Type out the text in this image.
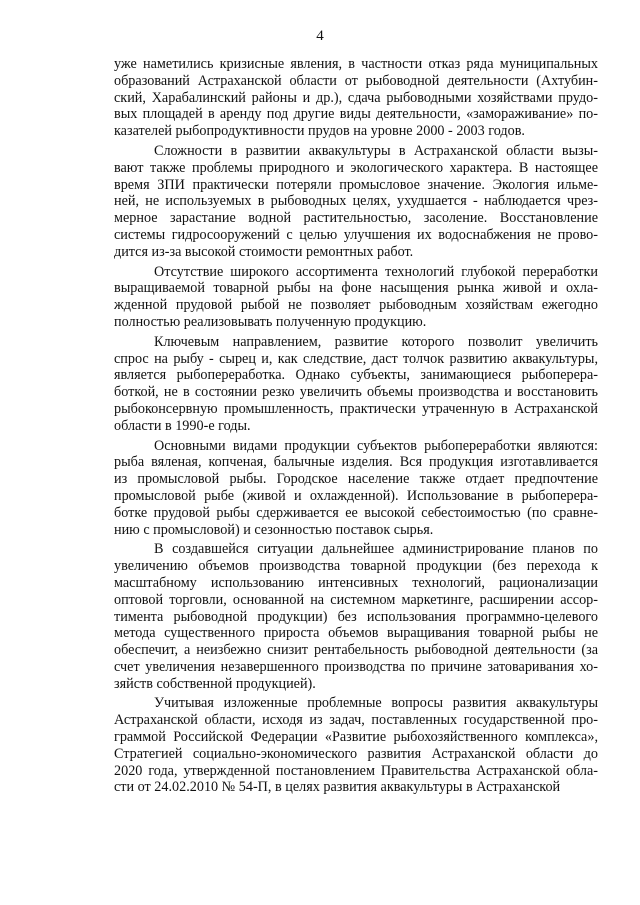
4
уже наметились кризисные явления, в частности отказ ряда муниципальных
образований Астраханской области от рыбоводной деятельности (Ахтубин-
ский, Харабалинский районы и др.), сдача рыбоводными хозяйствами прудо-
вых площадей в аренду под другие виды деятельности, «замораживание» по-
казателей рыбопродуктивности прудов на уровне 2000 - 2003 годов.
Сложности в развитии аквакультуры в Астраханской области вызы-
вают также проблемы природного и экологического характера. В настоящее
время ЗПИ практически потеряли промысловое значение. Экология ильме-
ней, не используемых в рыбоводных целях, ухудшается - наблюдается чрез-
мерное зарастание водной растительностью, засоление. Восстановление
системы гидросооружений с целью улучшения их водоснабжения не прово-
дится из-за высокой стоимости ремонтных работ.
Отсутствие широкого ассортимента технологий глубокой переработки
выращиваемой товарной рыбы на фоне насыщения рынка живой и охла-
жденной прудовой рыбой не позволяет рыбоводным хозяйствам ежегодно
полностью реализовывать полученную продукцию.
Ключевым направлением, развитие которого позволит увеличить
спрос на рыбу - сырец и, как следствие, даст толчок развитию аквакультуры,
является рыбопереработка. Однако субъекты, занимающиеся рыбоперера-
боткой, не в состоянии резко увеличить объемы производства и восстановить
рыбоконсервную промышленность, практически утраченную в Астраханской
области в 1990-е годы.
Основными видами продукции субъектов рыбопереработки являются:
рыба вяленая, копченая, балычные изделия. Вся продукция изготавливается
из промысловой рыбы. Городское население также отдает предпочтение
промысловой рыбе (живой и охлажденной). Использование в рыбоперера-
ботке прудовой рыбы сдерживается ее высокой себестоимостью (по сравне-
нию с промысловой) и сезонностью поставок сырья.
В создавшейся ситуации дальнейшее администрирование планов по
увеличению объемов производства товарной продукции (без перехода к
масштабному использованию интенсивных технологий, рационализации
оптовой торговли, основанной на системном маркетинге, расширении ассор-
тимента рыбоводной продукции) без использования программно-целевого
метода существенного прироста объемов выращивания товарной рыбы не
обеспечит, а неизбежно снизит рентабельность рыбоводной деятельности (за
счет увеличения незавершенного производства по причине затоваривания хо-
зяйств собственной продукцией).
Учитывая изложенные проблемные вопросы развития аквакультуры
Астраханской области, исходя из задач, поставленных государственной про-
граммой Российской Федерации «Развитие рыбохозяйственного комплекса»,
Стратегией социально-экономического развития Астраханской области до
2020 года, утвержденной постановлением Правительства Астраханской обла-
сти от 24.02.2010 № 54-П, в целях развития аквакультуры в Астраханской
